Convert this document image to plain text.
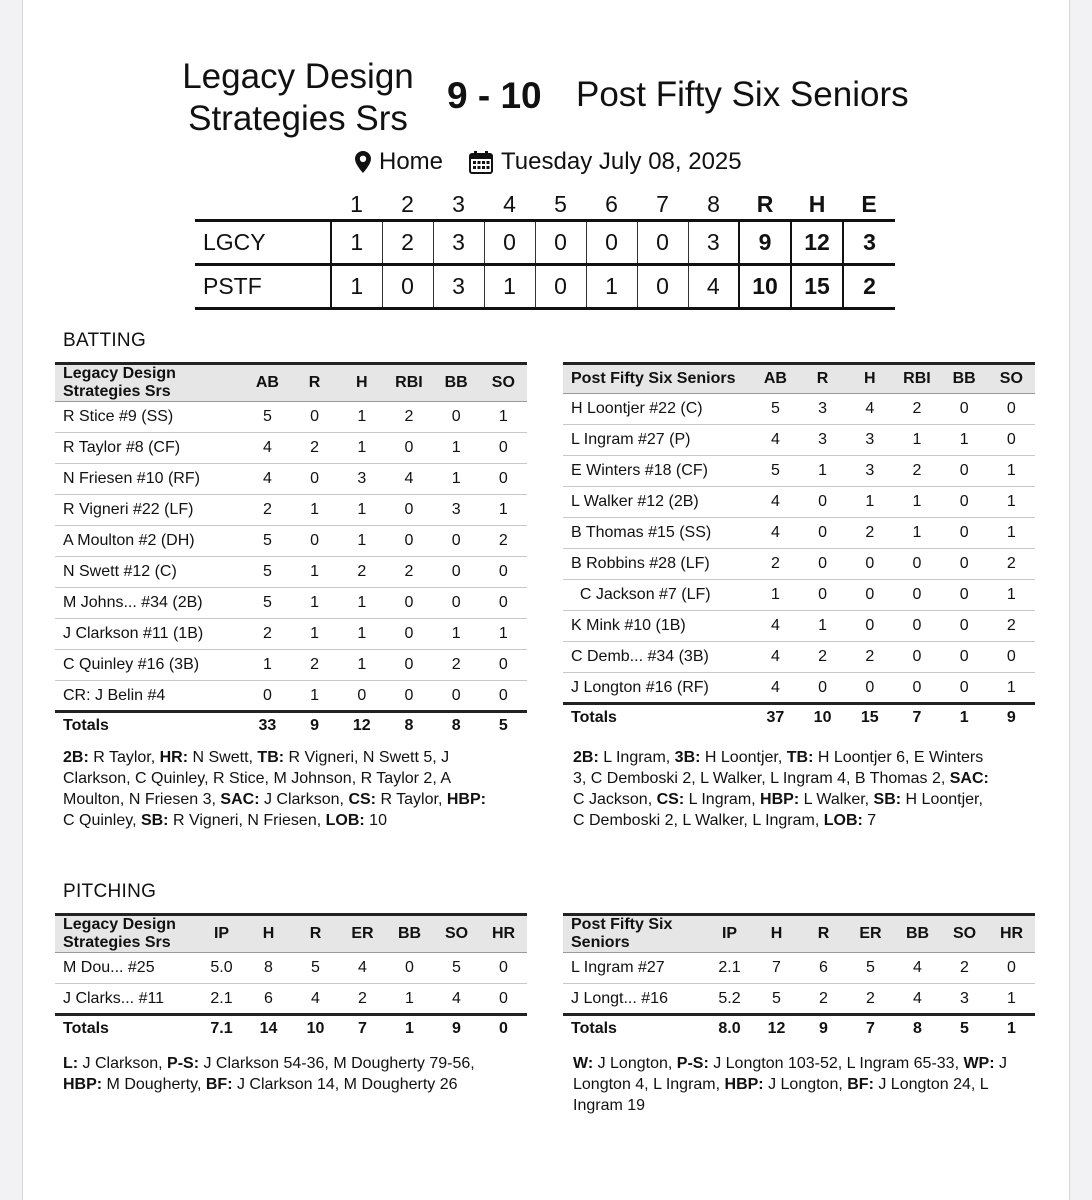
Legacy Design Strategies Srs
9 - 10 Post Fifty Six Seniors
Home Tuesday July 08, 2025
	1	2	3	4	5	6	7	8	R	H	E
LGCY	1	2	3	0	0	0	0	3	9	12	3
PSTF	1	0	3	1	0	1	0	4	10	15	2
BATTING
Legacy Design Strategies Srs	AB	R	H	RBI	BB	SO
R Stice #9 (SS)	5	0	1	2	0	1
R Taylor #8 (CF)	4	2	1	0	1	0
N Friesen #10 (RF)	4	0	3	4	1	0
R Vigneri #22 (LF)	2	1	1	0	3	1
A Moulton #2 (DH)	5	0	1	0	0	2
N Swett #12 (C)	5	1	2	2	0	0
M Johns... #34 (2B)	5	1	1	0	0	0
J Clarkson #11 (1B)	2	1	1	0	1	1
C Quinley #16 (3B)	1	2	1	0	2	0
CR: J Belin #4	0	1	0	0	0	0
Totals	33	9	12	8	8	5
Post Fifty Six Seniors	AB	R	H	RBI	BB	SO
H Loontjer #22 (C)	5	3	4	2	0	0
L Ingram #27 (P)	4	3	3	1	1	0
E Winters #18 (CF)	5	1	3	2	0	1
L Walker #12 (2B)	4	0	1	1	0	1
B Thomas #15 (SS)	4	0	2	1	0	1
B Robbins #28 (LF)	2	0	0	0	0	2
C Jackson #7 (LF)	1	0	0	0	0	1
K Mink #10 (1B)	4	1	0	0	0	2
C Demb... #34 (3B)	4	2	2	0	0	0
J Longton #16 (RF)	4	0	0	0	0	1
Totals	37	10	15	7	1	9
2B: R Taylor, HR: N Swett, TB: R Vigneri, N Swett 5, J Clarkson, C Quinley, R Stice, M Johnson, R Taylor 2, A Moulton, N Friesen 3, SAC: J Clarkson, CS: R Taylor, HBP: C Quinley, SB: R Vigneri, N Friesen, LOB: 10
2B: L Ingram, 3B: H Loontjer, TB: H Loontjer 6, E Winters 3, C Demboski 2, L Walker, L Ingram 4, B Thomas 2, SAC: C Jackson, CS: L Ingram, HBP: L Walker, SB: H Loontjer, C Demboski 2, L Walker, L Ingram, LOB: 7
PITCHING
Legacy Design Strategies Srs	IP	H	R	ER	BB	SO	HR
M Dou... #25	5.0	8	5	4	0	5	0
J Clarks... #11	2.1	6	4	2	1	4	0
Totals	7.1	14	10	7	1	9	0
Post Fifty Six Seniors	IP	H	R	ER	BB	SO	HR
L Ingram #27	2.1	7	6	5	4	2	0
J Longt... #16	5.2	5	2	2	4	3	1
Totals	8.0	12	9	7	8	5	1
L: J Clarkson, P-S: J Clarkson 54-36, M Dougherty 79-56, HBP: M Dougherty, BF: J Clarkson 14, M Dougherty 26
W: J Longton, P-S: J Longton 103-52, L Ingram 65-33, WP: J Longton 4, L Ingram, HBP: J Longton, BF: J Longton 24, L Ingram 19
